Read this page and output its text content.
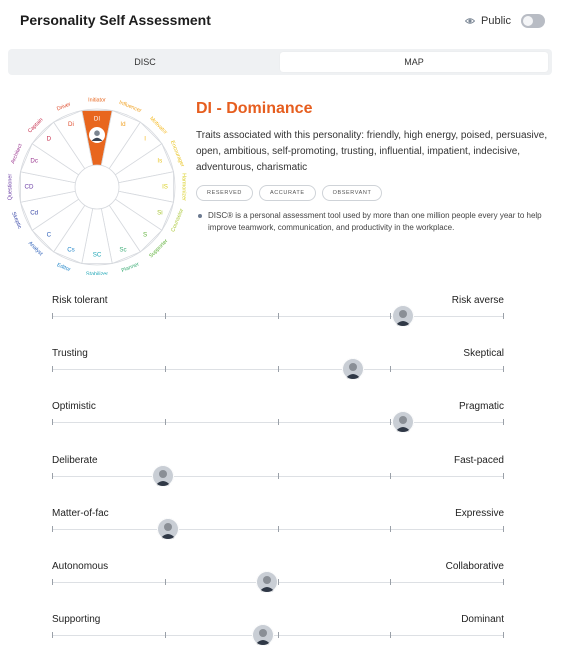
Personality Self Assessment	Public
DISC	MAP
DI
Initiator
Id
Influencer
I
Motivator
Is Encourager
IS Harmonizer
Si Counselor
S
Supporter
Sc
Planner
SC
Stabilizer
Cs
Editor
C
Analyst
Cd
Skeptic
CD
Questioner
Dc
Architect
D
Captain	Di
Driver	DI - Dominance
Traits associated with this personality: friendly, high energy, poised, persuasive, open, ambitious, self-promoting, trusting, influential, impatient, indecisive, adventurous, charismatic
RESERVED	ACCURATE	OBSERVANT
DISC® is a personal assessment tool used by more than one million people every year to help improve teamwork, communication, and productivity in the workplace.
Risk tolerant	Risk averse
Trusting	Skeptical
Optimistic	Pragmatic
Deliberate	Fast-paced
Matter-of-fac	Expressive
Autonomous	Collaborative
Supporting	Dominant
